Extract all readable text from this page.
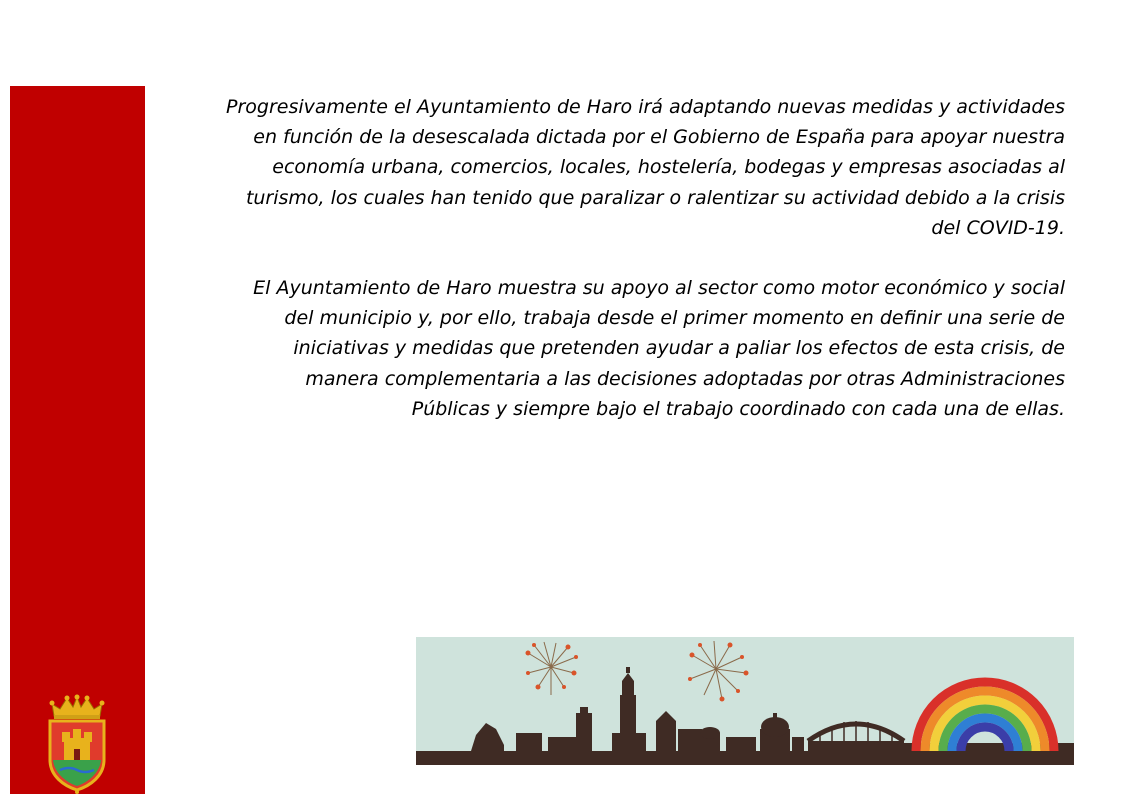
Progresivamente el Ayuntamiento de Haro irá adaptando nuevas medidas y actividades en función de la desescalada dictada por el Gobierno de España para apoyar nuestra economía urbana, comercios, locales, hostelería, bodegas y empresas asociadas al turismo, los cuales han tenido que paralizar o ralentizar su actividad debido a la crisis del COVID-19.

El Ayuntamiento de Haro muestra su apoyo al sector como motor económico y social del municipio y, por ello, trabaja desde el primer momento en definir una serie de iniciativas y medidas que pretenden ayudar a paliar los efectos de esta crisis, de manera complementaria a las decisiones adoptadas por otras Administraciones Públicas y siempre bajo el trabajo coordinado con cada una de ellas.
